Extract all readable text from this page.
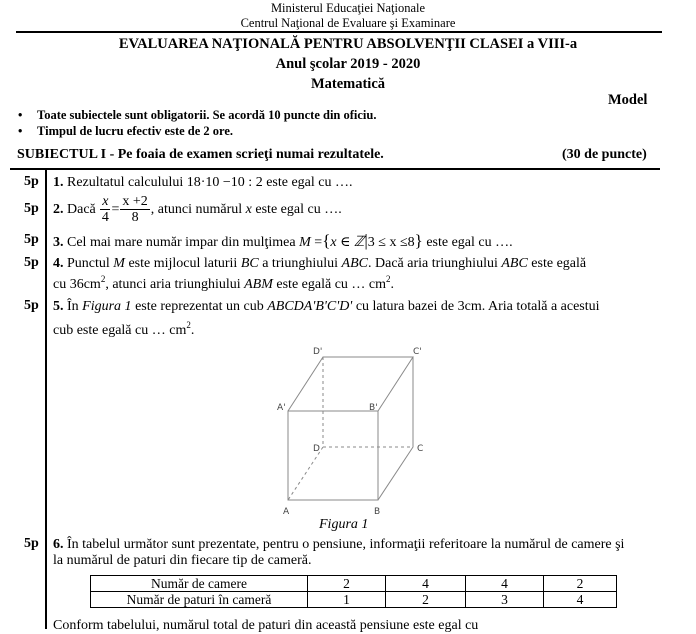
Ministerul Educaţiei Naţionale
Centrul Naţional de Evaluare şi Examinare
EVALUAREA NAŢIONALĂ PENTRU ABSOLVENŢII CLASEI a VIII-a
Anul şcolar 2019 - 2020
Matematică
Model
• Toate subiectele sunt obligatorii. Se acordă 10 puncte din oficiu.
• Timpul de lucru efectiv este de 2 ore.
SUBIECTUL I - Pe foaia de examen scrieţi numai rezultatele.	(30 de puncte)
5p 1. Rezultatul calculului 18·10 −10 : 2 este egal cu ….
5p 2. Dacă $\frac{x}{4} = \frac{x +2}{8}$ , atunci numărul x este egal cu ….
5p 3. Cel mai mare număr impar din mulţimea M ={x ∈ ℤ|3 ≤ x ≤8} este egal cu ….
5p 4. Punctul M este mijlocul laturii BC a triunghiului ABC. Dacă aria triunghiului ABC este egală
cu $36cm^2$, atunci aria triunghiului ABM este egală cu … $cm^2$.
5p 5. În Figura 1 este reprezentat un cub ABCDA'B'C'D' cu latura bazei de 3cm. Aria totală a acestui
cub este egală cu … $cm^2$.
A	B
C
D
A'	B'
C'
D'
Figura 1
5p 6. În tabelul următor sunt prezentate, pentru o pensiune, informaţii referitoare la numărul de camere şi
la numărul de paturi din fiecare tip de cameră.
Număr de camere	2	4	4	2
Număr de paturi în cameră	1	2	3	4
Conform tabelului, numărul total de paturi din această pensiune este egal cu
